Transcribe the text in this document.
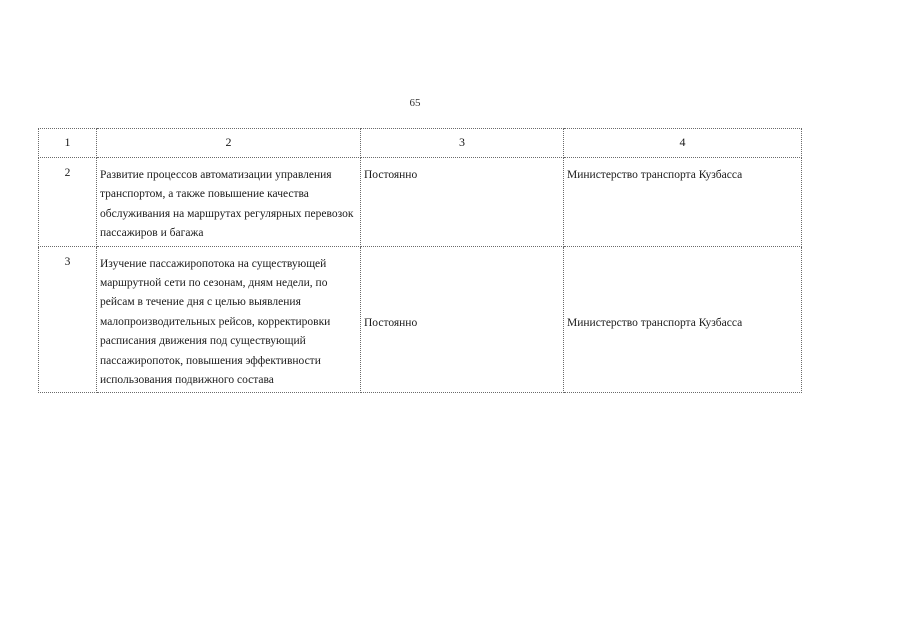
65
1	2	3	4
2	Развитие процессов автоматизации управления транспортом, а также повышение качества обслуживания на маршрутах регулярных перевозок пассажиров и багажа	Постоянно	Министерство транспорта Кузбасса
3	Изучение пассажиропотока на существующей маршрутной сети по сезонам, дням недели, по рейсам в течение дня с целью выявления малопроизводительных рейсов, корректировки расписания движения под существующий пассажиропоток, повышения эффективности использования подвижного состава	Постоянно	Министерство транспорта Кузбасса
